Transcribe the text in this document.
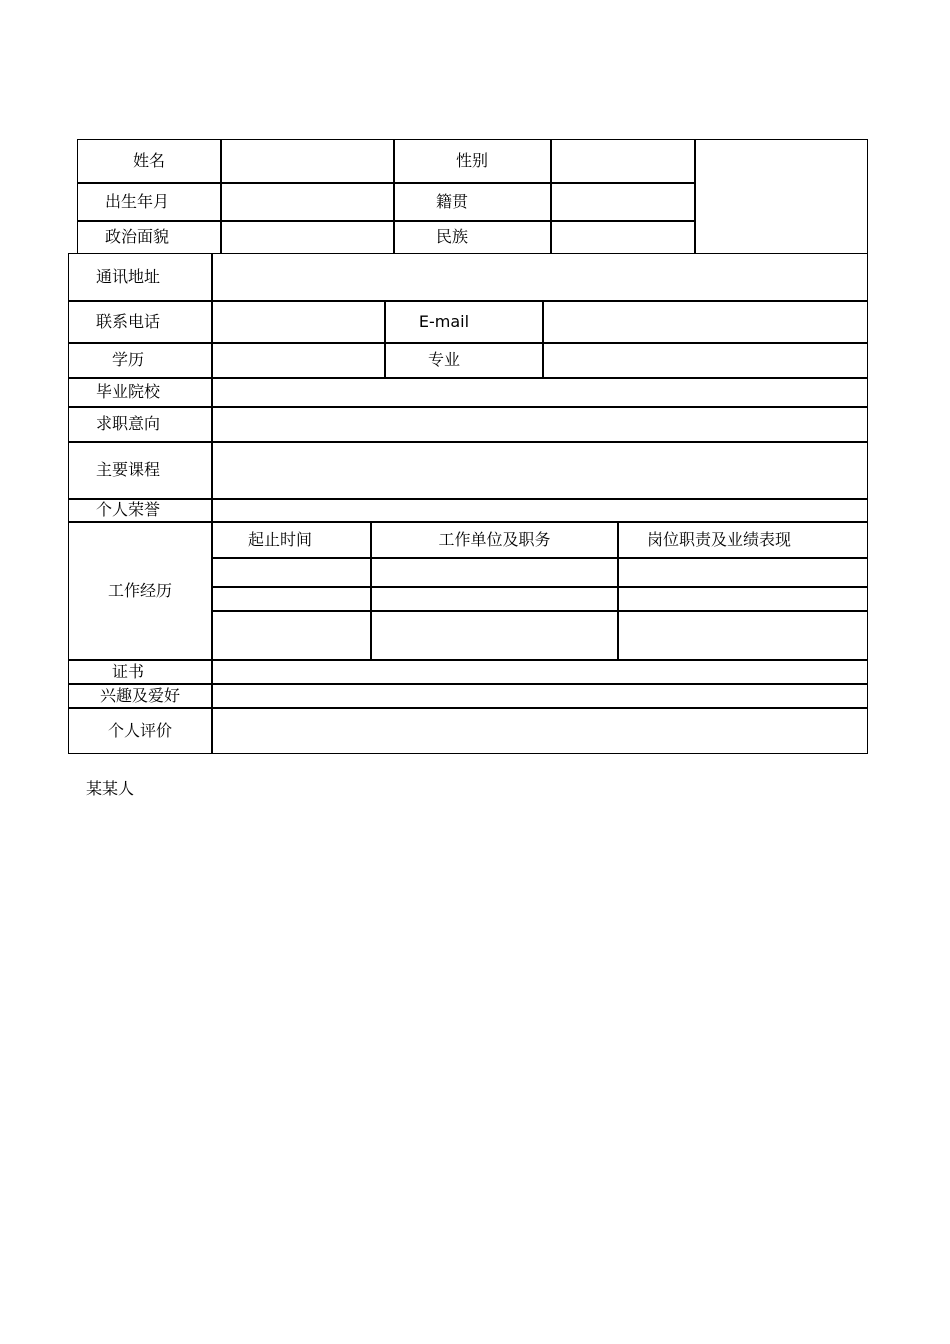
姓名	性别
出生年月	籍贯
政治面貌	民族
通讯地址
联系电话	E-mail
学历	专业
毕业院校
求职意向
主要课程
个人荣誉
工作经历
起止时间	工作单位及职务	岗位职责及业绩表现
证书
兴趣及爱好
个人评价
某某人
